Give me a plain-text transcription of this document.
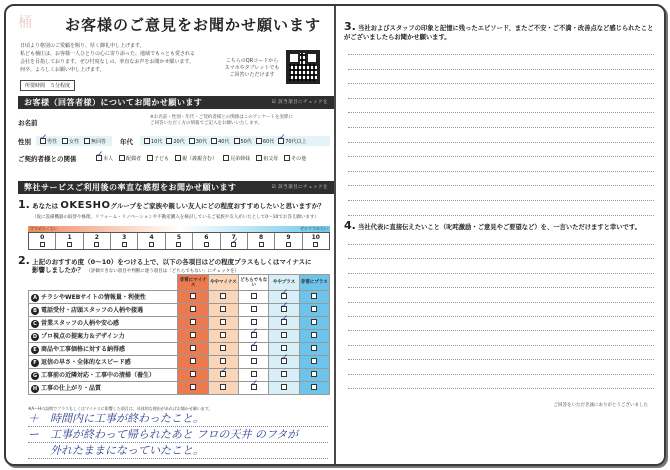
桶	お客様のご意見をお聞かせ願います

日頃より格別のご愛顧を賜り、厚く御礼申し上げます。

私ども桶庄は、お客様一人ひとりの心に寄り添った、地域でもっとも愛される

会社を目指しております。ぜひ忖度なしの、率直なお声をお聞かせ願います。

何卒、よろしくお願い申し上げます。

所要時間　５分程度
こちらのQRコードから
スマホやタブレットでも
ご回答いただけます
お客様（回答者様）についてお聞かせ願います	☑ 該当項目にチェックを
お名前
※お名前・性別・年代・ご契約者様との関係はこのアンケートを実際に
ご回答いただく方の情報でご記入をお願いいたします。
性別 ✓	男性 女性 無回答 年代	10代 20代 30代 40代 50代 60代 ✓ 70代以上
ご契約者様との関係 ✓	本人	配偶者	子ども	親（義親含む）	兄弟姉妹	祖父母	その他
弊社サービスご利用後の率直な感想をお聞かせ願います	☑ 該当項目にチェックを
1. あなたは OKESHOグループをご家族や親しい友人にどの程度おすすめしたいと思いますか？
（仮に設備機器の取替や修理、リフォーム・リノベーションや不動産購入を検討しているご家族や友人がいたとして0〜10でお答え願います）
すすめたくない	ぜひすすめたい
0	1	2	3	4	5	6 ✓	8	9	10
2. 上記のおすすめ度（0〜10）をつける上で、以下の各項目はどの程度プラスもしくはマイナスに
影響しましたか？ （評価できない項目や判断に迷う項目は「どちらでもない」にチェックを）
	非常にマイナス	ややマイナス	どちらでもない	ややプラス	非常にプラス
A チラシやWEBサイトの情報量・利便性				✓	
B 電話受付・店頭スタッフの人柄や接遇				✓	
C 営業スタッフの人柄や安心感				✓	
D プロ視点の提案力＆デザイン力			✓		
E 商品や工事価格に対する納得感			✓		
F 返信の早さ・全体的なスピード感				✓	
G 工事前の近隣対応・工事中の清掃（養生）		✓			
H 工事の仕上がり・品質			✓		
※A〜Hの設問でプラスもしくはマイナスに影響した項目は、具体的な理由があればお聞かせ願います。
＋　時間内に工事が終わったこと。
ー　工事が終わって帰られたあと フロの天井 のフタが
　　外れたままになっていたこと。
3. 当社およびスタッフの印象と記憶に残ったエピソード、またご不安・ご不満・改善点など感じられたことがございましたらお聞かせ願います。
4. 当社代表に直接伝えたいこと（叱咤激励・ご意見やご要望など）を、一言いただけますと幸いです。
ご回答をいただき誠にありがとうございました
